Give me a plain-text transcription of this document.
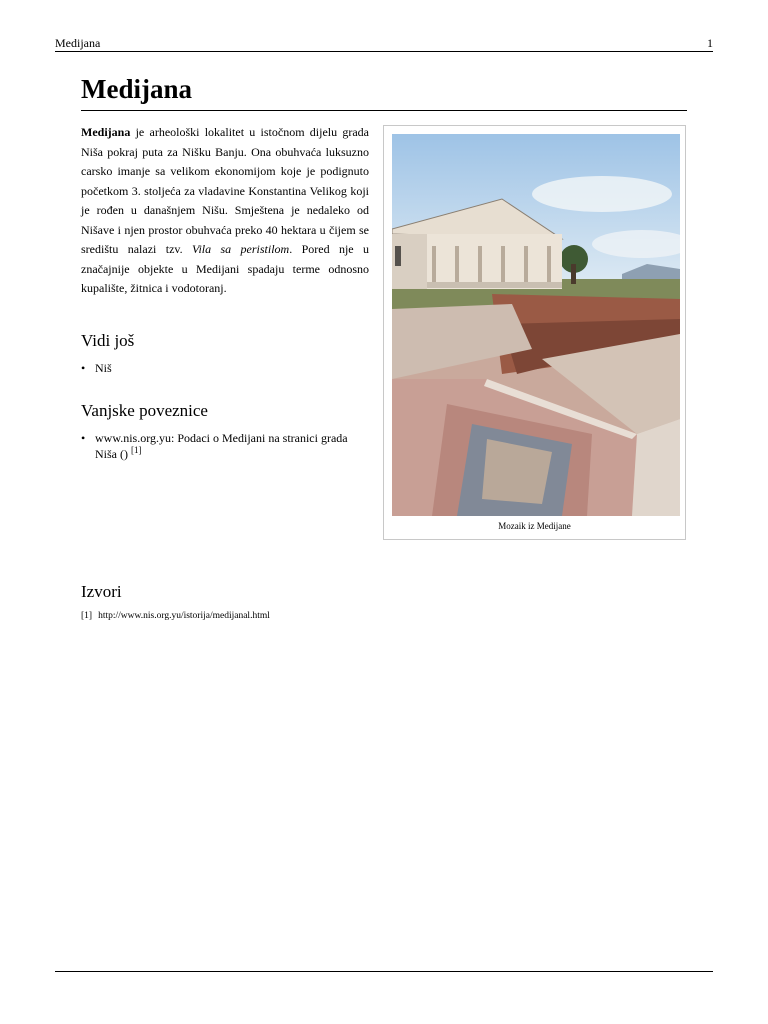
Medijana	1
Medijana

Medijana je arheološki lokalitet u istočnom dijelu grada Niša pokraj puta za Nišku Banju. Ona obuhvaća luksuzno carsko imanje sa velikom ekonomijom koje je podignuto početkom 3. stoljeća za vladavine Konstantina Velikog koji je rođen u današnjem Nišu. Smještena je nedaleko od Nišave i njen prostor obuhvaća preko 40 hektara u čijem se središtu nalazi tzv. Vila sa peristilom. Pored nje u značajnije objekte u Medijani spadaju terme odnosno kupalište, žitnica i vodotoranj.

Vidi još
• Niš
Vanjske poveznice
• www.nis.org.yu: Podaci o Medijani na stranici grada Niša () [1]
Izvori
[1] http://www.nis.org.yu/istorija/medijanal.html
Mozaik iz Medijane
